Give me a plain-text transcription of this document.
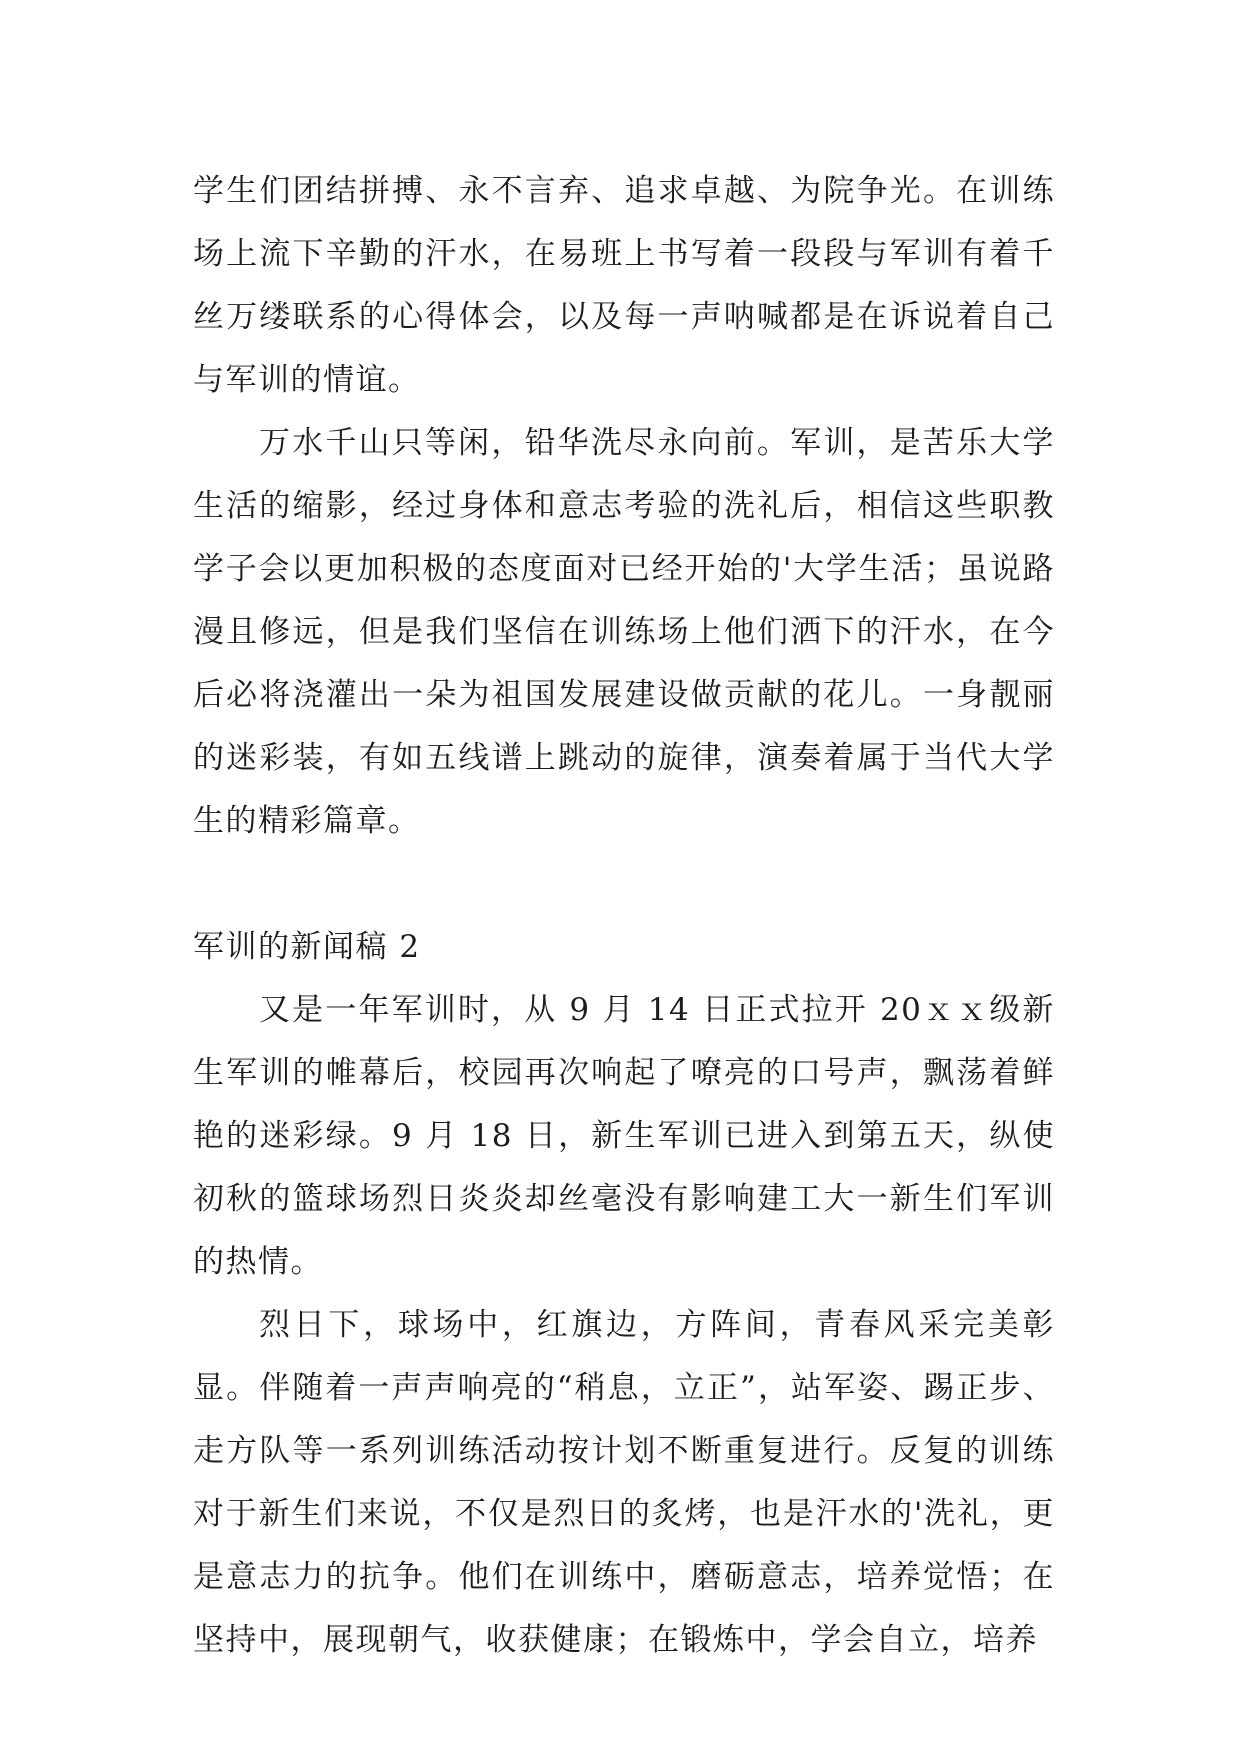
学生们团结拼搏、永不言弃、追求卓越、为院争光。在训练场上流下辛勤的汗水，在易班上书写着一段段与军训有着千丝万缕联系的心得体会，以及每一声呐喊都是在诉说着自己与军训的情谊。

万水千山只等闲，铅华洗尽永向前。军训，是苦乐大学生活的缩影，经过身体和意志考验的洗礼后，相信这些职教学子会以更加积极的态度面对已经开始的'大学生活；虽说路漫且修远，但是我们坚信在训练场上他们洒下的汗水，在今后必将浇灌出一朵为祖国发展建设做贡献的花儿。一身靓丽的迷彩装，有如五线谱上跳动的旋律，演奏着属于当代大学生的精彩篇章。

军训的新闻稿 2

又是一年军训时，从 9 月 14 日正式拉开 20ｘｘ级新生军训的帷幕后，校园再次响起了嘹亮的口号声，飘荡着鲜艳的迷彩绿。9 月 18 日，新生军训已进入到第五天，纵使初秋的篮球场烈日炎炎却丝毫没有影响建工大一新生们军训的热情。

烈日下，球场中，红旗边，方阵间，青春风采完美彰显。伴随着一声声响亮的“稍息，立正”，站军姿、踢正步、走方队等一系列训练活动按计划不断重复进行。反复的训练对于新生们来说，不仅是烈日的炙烤，也是汗水的'洗礼，更是意志力的抗争。他们在训练中，磨砺意志，培养觉悟；在坚持中，展现朝气，收获健康；在锻炼中，学会自立，培养
